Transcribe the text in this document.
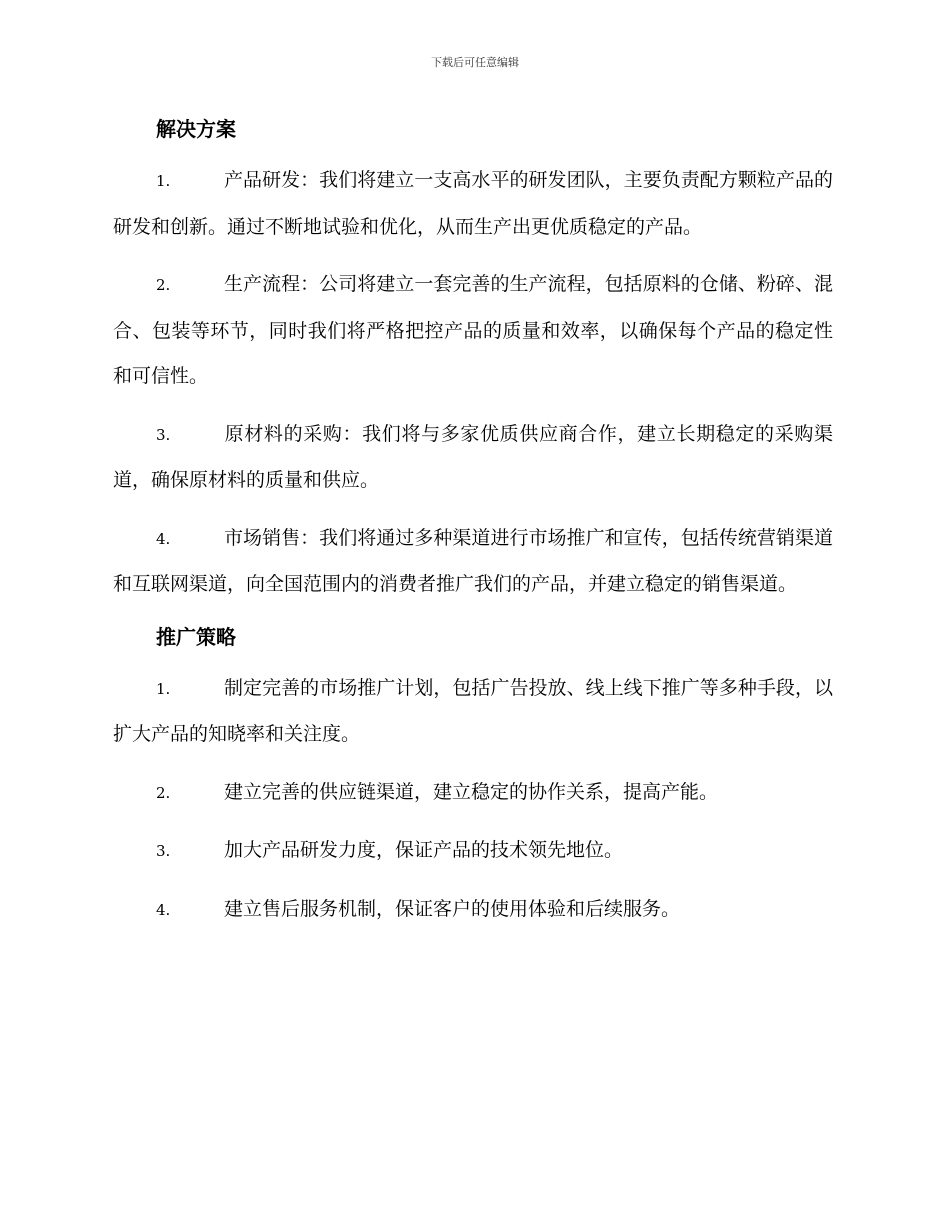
下载后可任意编辑
解决方案
1.	产品研发：我们将建立一支高水平的研发团队，主要负责配方颗粒产品的研发和创新。通过不断地试验和优化，从而生产出更优质稳定的产品。
2.	生产流程：公司将建立一套完善的生产流程，包括原料的仓储、粉碎、混合、包装等环节，同时我们将严格把控产品的质量和效率，以确保每个产品的稳定性和可信性。
3.	原材料的采购：我们将与多家优质供应商合作，建立长期稳定的采购渠道，确保原材料的质量和供应。
4.	市场销售：我们将通过多种渠道进行市场推广和宣传，包括传统营销渠道和互联网渠道，向全国范围内的消费者推广我们的产品，并建立稳定的销售渠道。
推广策略
1.	制定完善的市场推广计划，包括广告投放、线上线下推广等多种手段，以扩大产品的知晓率和关注度。
2.	建立完善的供应链渠道，建立稳定的协作关系，提高产能。
3.	加大产品研发力度，保证产品的技术领先地位。
4.	建立售后服务机制，保证客户的使用体验和后续服务。
